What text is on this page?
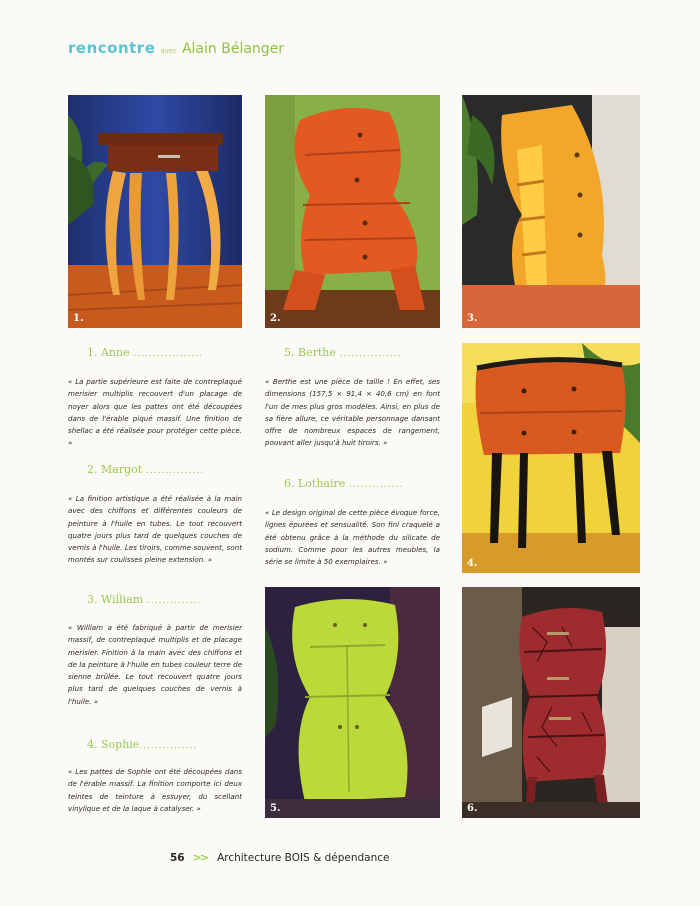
rencontre avec Alain Bélanger
1.	2.	3.
4.
5.	6.
1. Anne ..................
« La partie supérieure est faite de contreplaqué merisier multiplis recouvert d'un placage de noyer alors que les pattes ont été découpées dans de l'érable piqué massif. Une finition de shellac a été réalisée pour protéger cette pièce. »
2. Margot ...............
« La finition artistique a été réalisée à la main avec des chiffons et différentes couleurs de peinture à l'huile en tubes. Le tout recouvert quatre jours plus tard de quelques couches de vernis à l'huile. Les tiroirs, comme souvent, sont montés sur coulisses pleine extension. »
3. William ..............
« William a été fabriqué à partir de merisier massif, de contreplaqué multiplis et de placage merisier. Finition à la main avec des chiffons et de la peinture à l'huile en tubes couleur terre de sienne brûlée. Le tout recouvert quatre jours plus tard de quelques couches de vernis à l'huile. »
4. Sophie...............
« Les pattes de Sophie ont été découpées dans de l'érable massif. La finition comporte ici deux teintes de teinture à essuyer, du scellant vinylique et de la laque à catalyser. »
5. Berthe ................
« Berthe est une pièce de taille ! En effet, ses dimensions (157,5 × 91,4 × 40,6 cm) en font l'un de mes plus gros modèles. Ainsi, en plus de sa fière allure, ce véritable personnage dansant offre de nombreux espaces de rangement, pouvant aller jusqu'à huit tiroirs. »
6. Lothaire ..............
« Le design original de cette pièce évoque force, lignes épurées et sensualité. Son fini craquelé a été obtenu grâce à la méthode du silicate de sodium. Comme pour les autres meubles, la série se limite à 50 exemplaires. »
56 >> Architecture BOIS & dépendance
